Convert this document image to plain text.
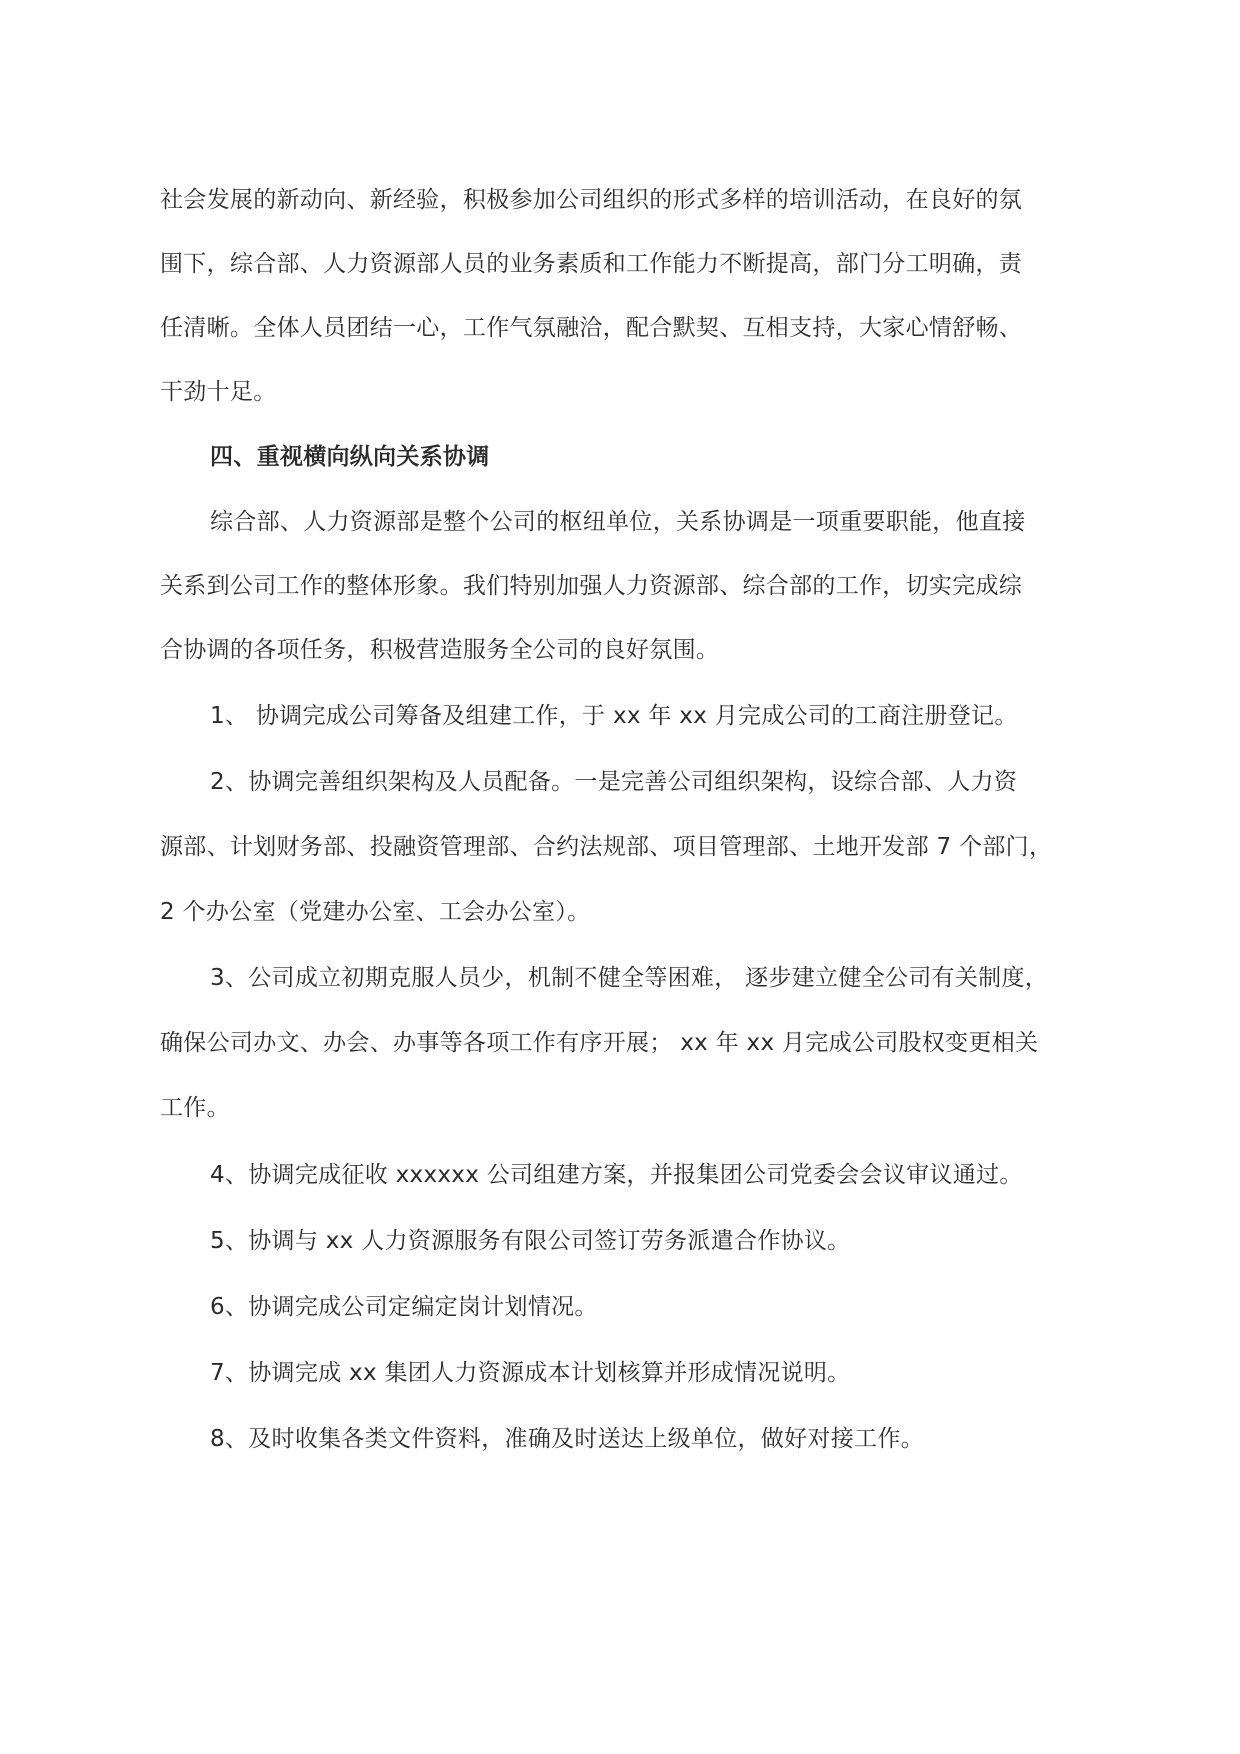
社会发展的新动向、新经验，积极参加公司组织的形式多样的培训活动，在良好的氛
围下，综合部、人力资源部人员的业务素质和工作能力不断提高，部门分工明确，责
任清晰。全体人员团结一心，工作气氛融洽，配合默契、互相支持，大家心情舒畅、
干劲十足。
四、重视横向纵向关系协调
综合部、人力资源部是整个公司的枢纽单位，关系协调是一项重要职能，他直接
关系到公司工作的整体形象。我们特别加强人力资源部、综合部的工作，切实完成综
合协调的各项任务，积极营造服务全公司的良好氛围。
1、 协调完成公司筹备及组建工作，于 xx 年 xx 月完成公司的工商注册登记。
2、协调完善组织架构及人员配备。一是完善公司组织架构，设综合部、人力资
源部、计划财务部、投融资管理部、合约法规部、项目管理部、土地开发部 7 个部门，
2 个办公室（党建办公室、工会办公室）。
3、公司成立初期克服人员少，机制不健全等困难， 逐步建立健全公司有关制度，
确保公司办文、办会、办事等各项工作有序开展； xx 年 xx 月完成公司股权变更相关
工作。
4、协调完成征收 xxxxxx 公司组建方案，并报集团公司党委会会议审议通过。
5、协调与 xx 人力资源服务有限公司签订劳务派遣合作协议。
6、协调完成公司定编定岗计划情况。
7、协调完成 xx 集团人力资源成本计划核算并形成情况说明。
8、及时收集各类文件资料，准确及时送达上级单位，做好对接工作。
